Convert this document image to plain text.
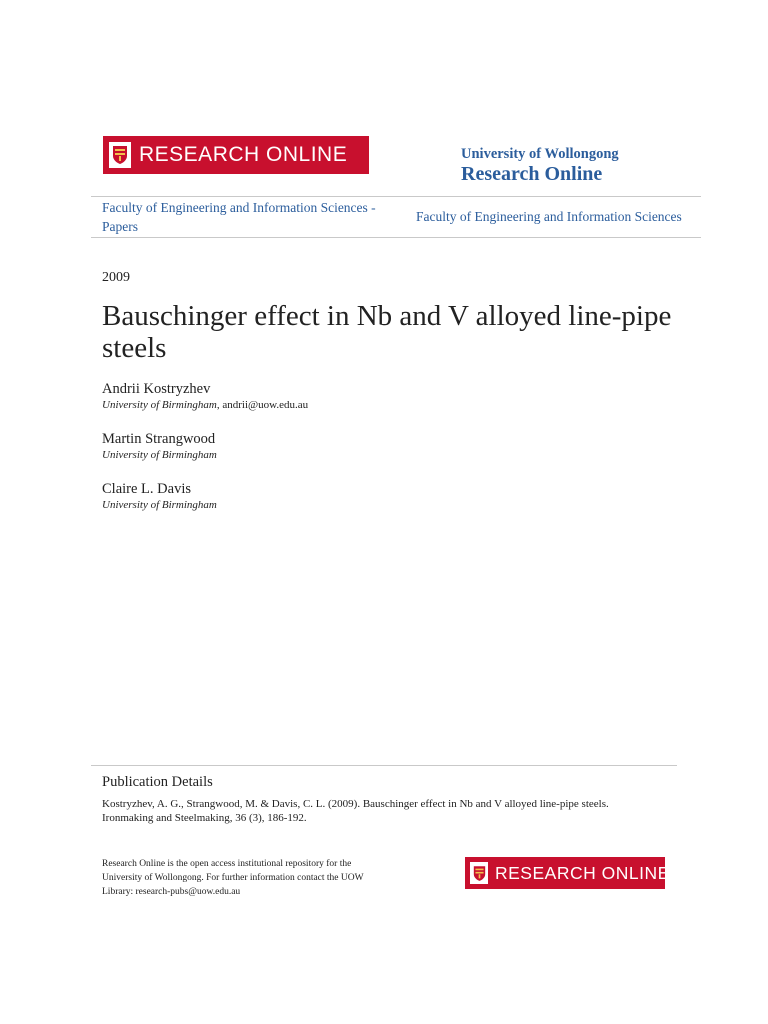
RESEARCH ONLINE	University of Wollongong
Research Online
Faculty of Engineering and Information Sciences - Papers
Faculty of Engineering and Information Sciences
2009
Bauschinger effect in Nb and V alloyed line-pipe steels
Andrii Kostryzhev
University of Birmingham, andrii@uow.edu.au
Martin Strangwood
University of Birmingham
Claire L. Davis
University of Birmingham
Publication Details
Kostryzhev, A. G., Strangwood, M. & Davis, C. L. (2009). Bauschinger effect in Nb and V alloyed line-pipe steels. Ironmaking and Steelmaking, 36 (3), 186-192.
Research Online is the open access institutional repository for the University of Wollongong. For further information contact the UOW Library: research-pubs@uow.edu.au
RESEARCH ONLINE
